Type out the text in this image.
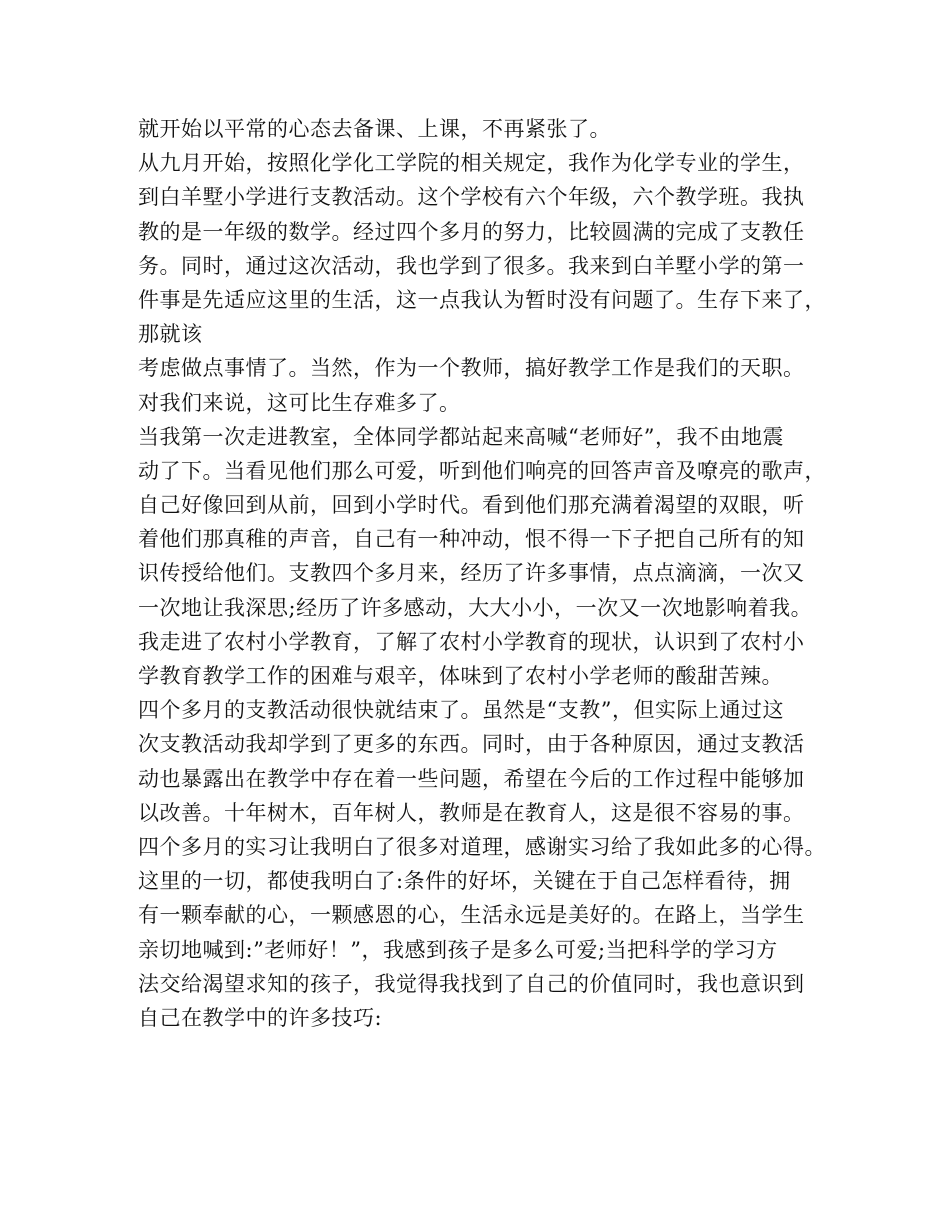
就开始以平常的心态去备课、上课，不再紧张了。
从九月开始，按照化学化工学院的相关规定，我作为化学专业的学生，
到白羊墅小学进行支教活动。这个学校有六个年级，六个教学班。我执
教的是一年级的数学。经过四个多月的努力，比较圆满的完成了支教任
务。同时，通过这次活动，我也学到了很多。我来到白羊墅小学的第一
件事是先适应这里的生活，这一点我认为暂时没有问题了。生存下来了，
那就该
考虑做点事情了。当然，作为一个教师，搞好教学工作是我们的天职。
对我们来说，这可比生存难多了。
当我第一次走进教室，全体同学都站起来高喊“老师好”，我不由地震
动了下。当看见他们那么可爱，听到他们响亮的回答声音及嘹亮的歌声，
自己好像回到从前，回到小学时代。看到他们那充满着渴望的双眼，听
着他们那真稚的声音，自己有一种冲动，恨不得一下子把自己所有的知
识传授给他们。支教四个多月来，经历了许多事情，点点滴滴，一次又
一次地让我深思;经历了许多感动，大大小小，一次又一次地影响着我。
我走进了农村小学教育，了解了农村小学教育的现状，认识到了农村小
学教育教学工作的困难与艰辛，体味到了农村小学老师的酸甜苦辣。
四个多月的支教活动很快就结束了。虽然是“支教”，但实际上通过这
次支教活动我却学到了更多的东西。同时，由于各种原因，通过支教活
动也暴露出在教学中存在着一些问题，希望在今后的工作过程中能够加
以改善。十年树木，百年树人，教师是在教育人，这是很不容易的事。
四个多月的实习让我明白了很多对道理，感谢实习给了我如此多的心得。
这里的一切，都使我明白了:条件的好坏，关键在于自己怎样看待，拥
有一颗奉献的心，一颗感恩的心，生活永远是美好的。在路上，当学生
亲切地喊到:”老师好！”，我感到孩子是多么可爱;当把科学的学习方
法交给渴望求知的孩子，我觉得我找到了自己的价值同时，我也意识到
自己在教学中的许多技巧:
